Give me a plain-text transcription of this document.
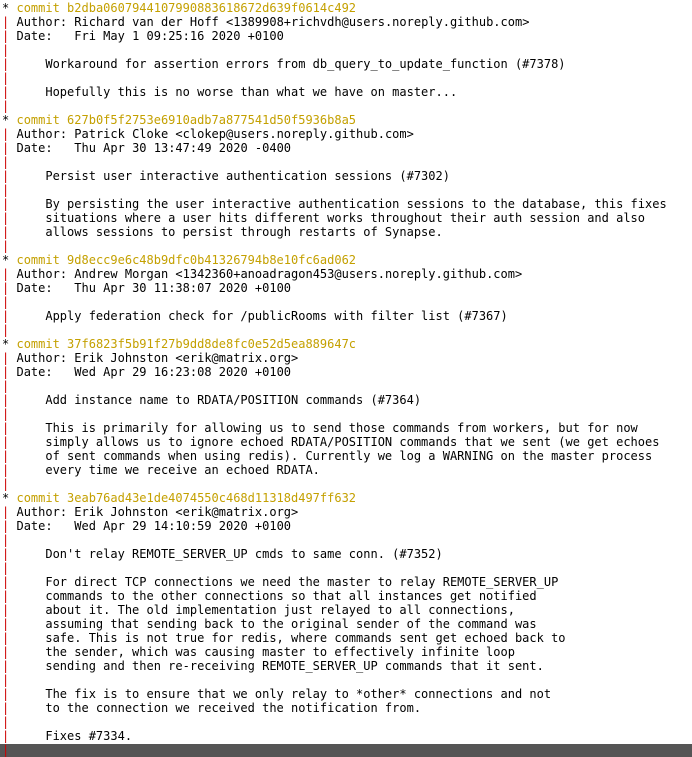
* commit b2dba0607944107990883618672d639f0614c492
| Author: Richard van der Hoff <1389908+richvdh@users.noreply.github.com>
| Date: Fri May 1 09:25:16 2020 +0100
|
|	Workaround for assertion errors from db_query_to_update_function (#7378)
|
|	Hopefully this is no worse than what we have on master...
|
* commit 627b0f5f2753e6910adb7a877541d50f5936b8a5
| Author: Patrick Cloke <clokep@users.noreply.github.com>
| Date: Thu Apr 30 13:47:49 2020 -0400
|
|	Persist user interactive authentication sessions (#7302)
|
|	By persisting the user interactive authentication sessions to the database, this fixes
|	situations where a user hits different works throughout their auth session and also
|	allows sessions to persist through restarts of Synapse.
|
* commit 9d8ecc9e6c48b9dfc0b41326794b8e10fc6ad062
| Author: Andrew Morgan <1342360+anoadragon453@users.noreply.github.com>
| Date: Thu Apr 30 11:38:07 2020 +0100
|
|	Apply federation check for /publicRooms with filter list (#7367)
|
* commit 37f6823f5b91f27b9dd8de8fc0e52d5ea889647c
| Author: Erik Johnston <erik@matrix.org>
| Date: Wed Apr 29 16:23:08 2020 +0100
|
|	Add instance name to RDATA/POSITION commands (#7364)
|
|	This is primarily for allowing us to send those commands from workers, but for now
|	simply allows us to ignore echoed RDATA/POSITION commands that we sent (we get echoes
|	of sent commands when using redis). Currently we log a WARNING on the master process
|	every time we receive an echoed RDATA.
|
* commit 3eab76ad43e1de4074550c468d11318d497ff632
| Author: Erik Johnston <erik@matrix.org>
| Date: Wed Apr 29 14:10:59 2020 +0100
|
|	Don't relay REMOTE_SERVER_UP cmds to same conn. (#7352)
|
|	For direct TCP connections we need the master to relay REMOTE_SERVER_UP
|	commands to the other connections so that all instances get notified
|	about it. The old implementation just relayed to all connections,
|	assuming that sending back to the original sender of the command was
|	safe. This is not true for redis, where commands sent get echoed back to
|	the sender, which was causing master to effectively infinite loop
|	sending and then re-receiving REMOTE_SERVER_UP commands that it sent.
|
|	The fix is to ensure that we only relay to *other* connections and not
|	to the connection we received the notification from.
|
|	Fixes #7334.
|
